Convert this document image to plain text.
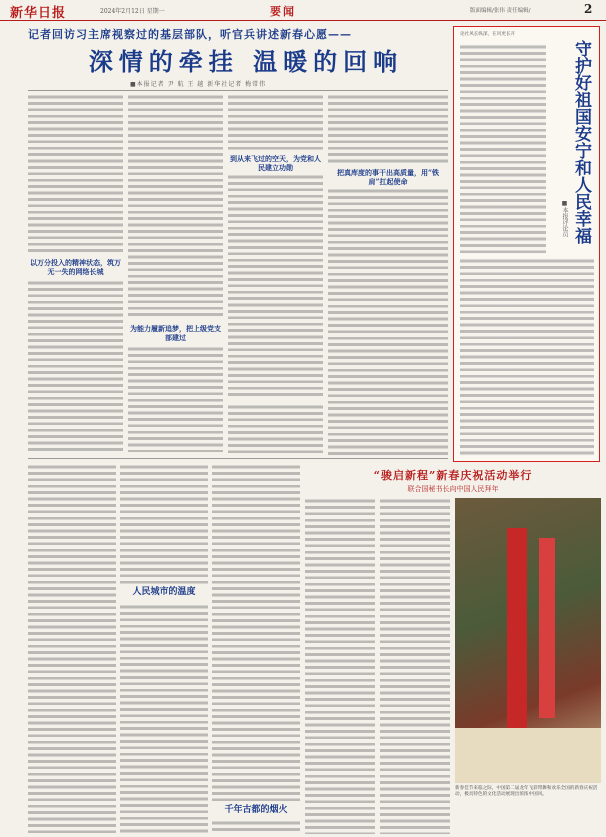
新华日报	2024年2月12日 星期一	要闻	版面编辑/张伟 责任编辑/	2
记者回访习主席视察过的基层部队，听官兵讲述新春心愿——
深情的牵挂 温暖的回响
■本报记者 尹 航 王 越 新华社记者 梅常伟
到从来飞过的空天，为党和人民建立功勋
把真库度的事干出高质量，用“铁肩”扛起使命
以万分投入的精神状态，筑万无一失的网络长城
为能力履新追梦，把上级党支部建过
人民城市的温度
千年古都的烟火
论社风长纵深，在风更长开
守护好祖国安宁和人民幸福
■本报评论员
“骏启新程”新春庆祝活动举行
联合国秘书长向中国人民拜年
新春佳节来临之际，中国第二届龙年飞彩带舞和欢乐全国的新春庆祝活动，极具特色的文化活动展现出浓浓中国风。
